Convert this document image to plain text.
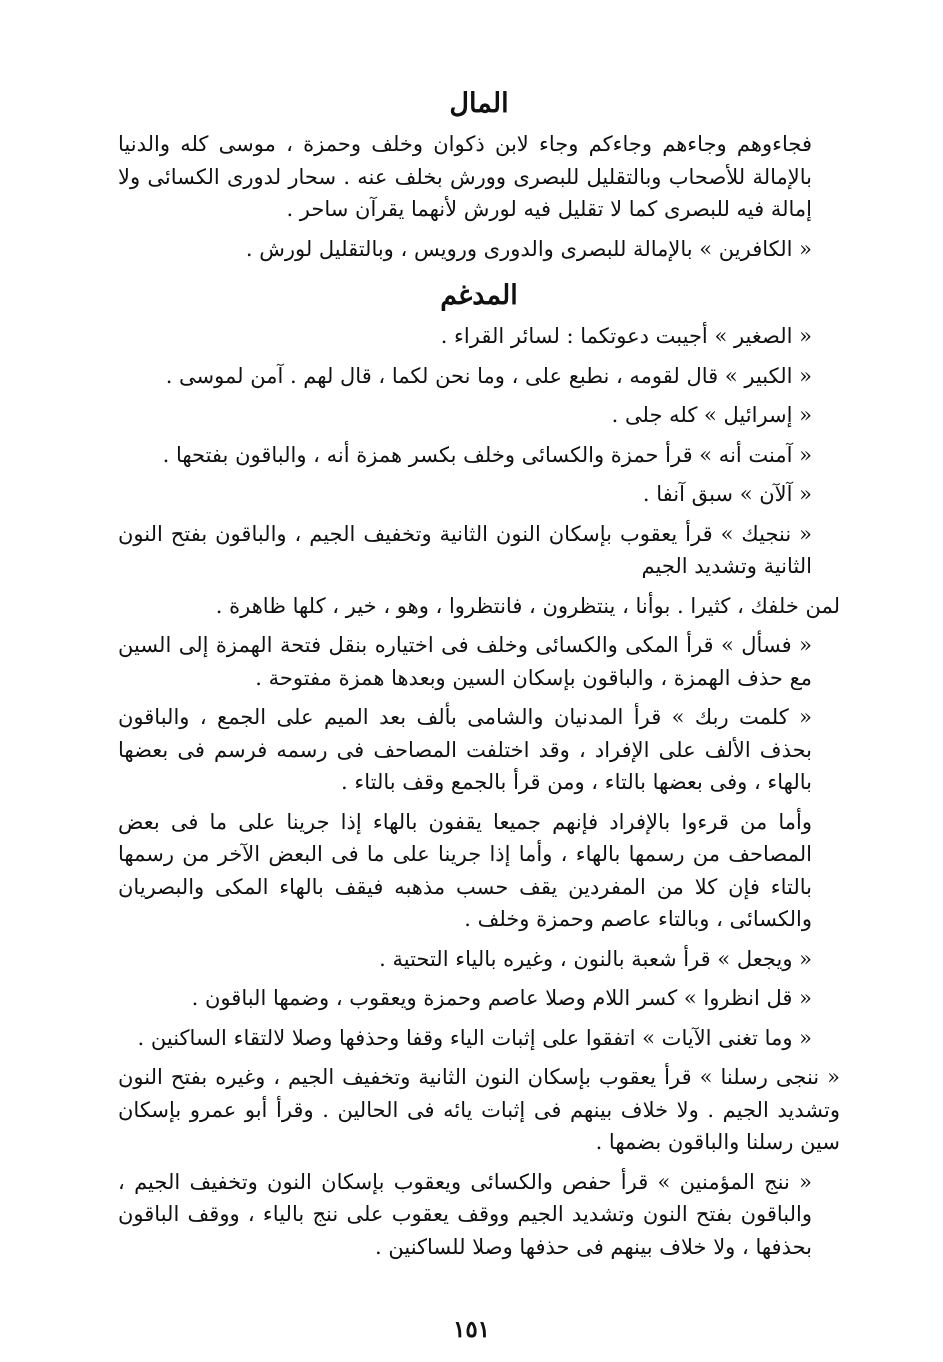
المال

فجاءوهم وجاءهم وجاءكم وجاء لابن ذكوان وخلف وحمزة ، موسى كله والدنيا بالإمالة للأصحاب وبالتقليل للبصرى وورش بخلف عنه . سحار لدورى الكسائى ولا إمالة فيه للبصرى كما لا تقليل فيه لورش لأنهما يقرآن ساحر .

« الكافرين » بالإمالة للبصرى والدورى ورويس ، وبالتقليل لورش .

المدغم

« الصغير » أجيبت دعوتكما : لسائر القراء .

« الكبير » قال لقومه ، نطبع على ، وما نحن لكما ، قال لهم . آمن لموسى .

« إسرائيل » كله جلى .

« آمنت أنه » قرأ حمزة والكسائى وخلف بكسر همزة أنه ، والباقون بفتحها .

« آلآن » سبق آنفا .

« ننجيك » قرأ يعقوب بإسكان النون الثانية وتخفيف الجيم ، والباقون بفتح النون الثانية وتشديد الجيم

لمن خلفك ، كثيرا . بوأنا ، ينتظرون ، فانتظروا ، وهو ، خير ، كلها ظاهرة .

« فسأل » قرأ المكى والكسائى وخلف فى اختياره بنقل فتحة الهمزة إلى السين مع حذف الهمزة ، والباقون بإسكان السين وبعدها همزة مفتوحة .

« كلمت ربك » قرأ المدنيان والشامى بألف بعد الميم على الجمع ، والباقون بحذف الألف على الإفراد ، وقد اختلفت المصاحف فى رسمه فرسم فى بعضها بالهاء ، وفى بعضها بالتاء ، ومن قرأ بالجمع وقف بالتاء .

وأما من قرءوا بالإفراد فإنهم جميعا يقفون بالهاء إذا جرينا على ما فى بعض المصاحف من رسمها بالهاء ، وأما إذا جرينا على ما فى البعض الآخر من رسمها بالتاء فإن كلا من المفردين يقف حسب مذهبه فيقف بالهاء المكى والبصريان والكسائى ، وبالتاء عاصم وحمزة وخلف .

« ويجعل » قرأ شعبة بالنون ، وغيره بالياء التحتية .

« قل انظروا » كسر اللام وصلا عاصم وحمزة ويعقوب ، وضمها الباقون .

« وما تغنى الآيات » اتفقوا على إثبات الياء وقفا وحذفها وصلا لالتقاء الساكنين .

« ننجى رسلنا » قرأ يعقوب بإسكان النون الثانية وتخفيف الجيم ، وغيره بفتح النون وتشديد الجيم . ولا خلاف بينهم فى إثبات يائه فى الحالين . وقرأ أبو عمرو بإسكان سين رسلنا والباقون بضمها .

« ننج المؤمنين » قرأ حفص والكسائى ويعقوب بإسكان النون وتخفيف الجيم ، والباقون بفتح النون وتشديد الجيم ووقف يعقوب على ننج بالياء ، ووقف الباقون بحذفها ، ولا خلاف بينهم فى حذفها وصلا للساكنين .

١٥١
